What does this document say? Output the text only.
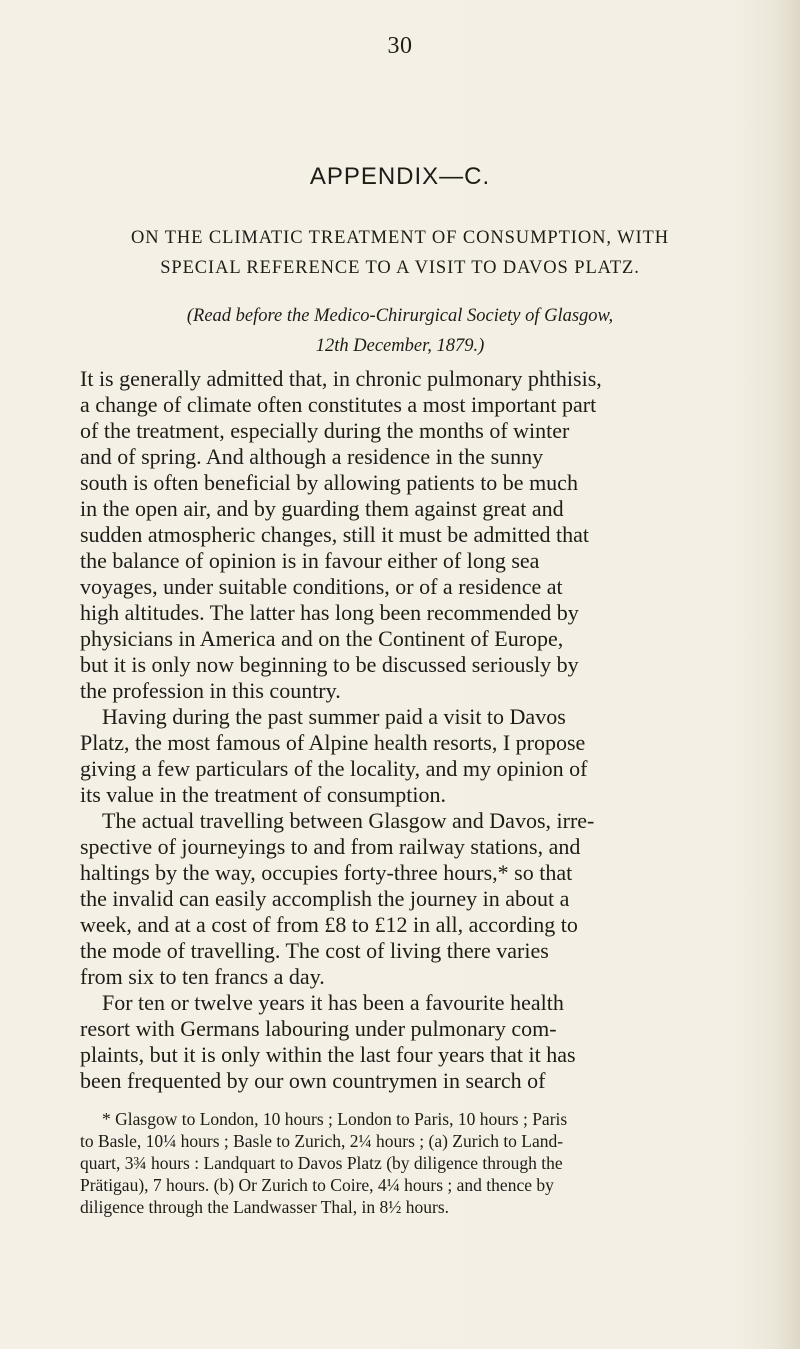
30
APPENDIX—C.
ON THE CLIMATIC TREATMENT OF CONSUMPTION, WITH
SPECIAL REFERENCE TO A VISIT TO DAVOS PLATZ.
(Read before the Medico-Chirurgical Society of Glasgow,
12th December, 1879.)
It is generally admitted that, in chronic pulmonary phthisis,
a change of climate often constitutes a most important part
of the treatment, especially during the months of winter
and of spring. And although a residence in the sunny
south is often beneficial by allowing patients to be much
in the open air, and by guarding them against great and
sudden atmospheric changes, still it must be admitted that
the balance of opinion is in favour either of long sea
voyages, under suitable conditions, or of a residence at
high altitudes. The latter has long been recommended by
physicians in America and on the Continent of Europe,
but it is only now beginning to be discussed seriously by
the profession in this country.
Having during the past summer paid a visit to Davos
Platz, the most famous of Alpine health resorts, I propose
giving a few particulars of the locality, and my opinion of
its value in the treatment of consumption.
The actual travelling between Glasgow and Davos, irre-
spective of journeyings to and from railway stations, and
haltings by the way, occupies forty-three hours,* so that
the invalid can easily accomplish the journey in about a
week, and at a cost of from £8 to £12 in all, according to
the mode of travelling. The cost of living there varies
from six to ten francs a day.
For ten or twelve years it has been a favourite health
resort with Germans labouring under pulmonary com-
plaints, but it is only within the last four years that it has
been frequented by our own countrymen in search of
* Glasgow to London, 10 hours ; London to Paris, 10 hours ; Paris
to Basle, 10¼ hours ; Basle to Zurich, 2¼ hours ; (a) Zurich to Land-
quart, 3¾ hours : Landquart to Davos Platz (by diligence through the
Prätigau), 7 hours. (b) Or Zurich to Coire, 4¼ hours ; and thence by
diligence through the Landwasser Thal, in 8½ hours.
